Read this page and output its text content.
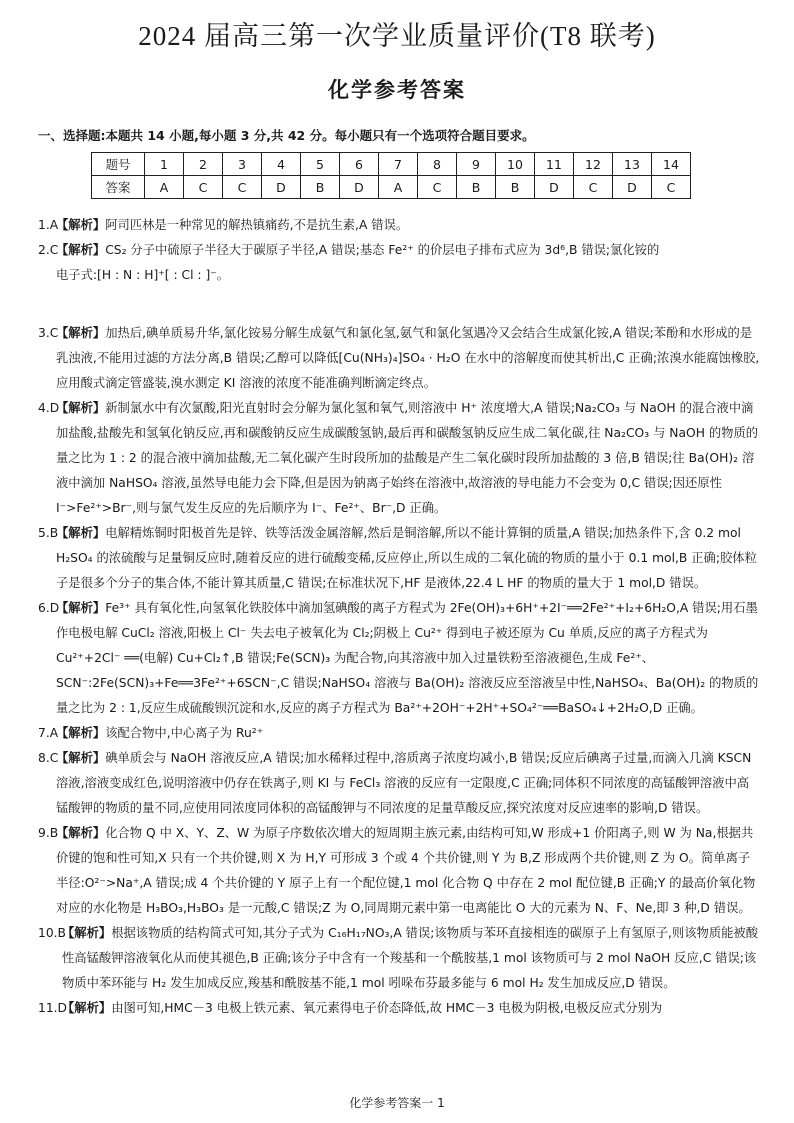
2024 届高三第一次学业质量评价(T8 联考)
化学参考答案
一、选择题:本题共 14 小题,每小题 3 分,共 42 分。每小题只有一个选项符合题目要求。
题号	1	2	3	4	5	6	7	8	9	10	11	12	13	14
答案	A	C	C	D	B	D	A	C	B	B	D	C	D	C
1.A
【解析】阿司匹林是一种常见的解热镇痛药,不是抗生素,A 错误。
2.C
【解析】CS₂ 分子中硫原子半径大于碳原子半径,A 错误;基态 Fe²⁺ 的价层电子排布式应为 3d⁶,B 错误;氯化铵的
电子式:[H : N : H]⁺[ : Cl : ]⁻。
3.C
【解析】加热后,碘单质易升华,氯化铵易分解生成氨气和氯化氢,氨气和氯化氢遇冷又会结合生成氯化铵,A 错误;苯酚和水形成的是乳浊液,不能用过滤的方法分离,B 错误;乙醇可以降低[Cu(NH₃)₄]SO₄ · H₂O 在水中的溶解度而使其析出,C 正确;浓溴水能腐蚀橡胶,应用酸式滴定管盛装,溴水测定 KI 溶液的浓度不能准确判断滴定终点。
4.D
【解析】新制氯水中有次氯酸,阳光直射时会分解为氯化氢和氧气,则溶液中 H⁺ 浓度增大,A 错误;Na₂CO₃ 与 NaOH 的混合液中滴加盐酸,盐酸先和氢氧化钠反应,再和碳酸钠反应生成碳酸氢钠,最后再和碳酸氢钠反应生成二氧化碳,往 Na₂CO₃ 与 NaOH 的物质的量之比为 1 : 2 的混合液中滴加盐酸,无二氧化碳产生时段所加的盐酸是产生二氧化碳时段所加盐酸的 3 倍,B 错误;往 Ba(OH)₂ 溶液中滴加 NaHSO₄ 溶液,虽然导电能力会下降,但是因为钠离子始终在溶液中,故溶液的导电能力不会变为 0,C 错误;因还原性 I⁻>Fe²⁺>Br⁻,则与氯气发生反应的先后顺序为 I⁻、Fe²⁺、Br⁻,D 正确。
5.B
【解析】电解精炼铜时阳极首先是锌、铁等活泼金属溶解,然后是铜溶解,所以不能计算铜的质量,A 错误;加热条件下,含 0.2 mol H₂SO₄ 的浓硫酸与足量铜反应时,随着反应的进行硫酸变稀,反应停止,所以生成的二氧化硫的物质的量小于 0.1 mol,B 正确;胶体粒子是很多个分子的集合体,不能计算其质量,C 错误;在标准状况下,HF 是液体,22.4 L HF 的物质的量大于 1 mol,D 错误。
6.D
【解析】Fe³⁺ 具有氧化性,向氢氧化铁胶体中滴加氢碘酸的离子方程式为 2Fe(OH)₃+6H⁺+2I⁻══2Fe²⁺+I₂+6H₂O,A 错误;用石墨作电极电解 CuCl₂ 溶液,阳极上 Cl⁻ 失去电子被氧化为 Cl₂;阴极上 Cu²⁺ 得到电子被还原为 Cu 单质,反应的离子方程式为 Cu²⁺+2Cl⁻ ══(电解) Cu+Cl₂↑,B 错误;Fe(SCN)₃ 为配合物,向其溶液中加入过量铁粉至溶液褪色,生成 Fe²⁺、SCN⁻:2Fe(SCN)₃+Fe══3Fe²⁺+6SCN⁻,C 错误;NaHSO₄ 溶液与 Ba(OH)₂ 溶液反应至溶液呈中性,NaHSO₄、Ba(OH)₂ 的物质的量之比为 2 : 1,反应生成硫酸钡沉淀和水,反应的离子方程式为 Ba²⁺+2OH⁻+2H⁺+SO₄²⁻══BaSO₄↓+2H₂O,D 正确。
7.A
【解析】该配合物中,中心离子为 Ru²⁺
8.C
【解析】碘单质会与 NaOH 溶液反应,A 错误;加水稀释过程中,溶质离子浓度均减小,B 错误;反应后碘离子过量,而滴入几滴 KSCN 溶液,溶液变成红色,说明溶液中仍存在铁离子,则 KI 与 FeCl₃ 溶液的反应有一定限度,C 正确;同体积不同浓度的高锰酸钾溶液中高锰酸钾的物质的量不同,应使用同浓度同体积的高锰酸钾与不同浓度的足量草酸反应,探究浓度对反应速率的影响,D 错误。
9.B
【解析】化合物 Q 中 X、Y、Z、W 为原子序数依次增大的短周期主族元素,由结构可知,W 形成+1 价阳离子,则 W 为 Na,根据共价键的饱和性可知,X 只有一个共价键,则 X 为 H,Y 可形成 3 个或 4 个共价键,则 Y 为 B,Z 形成两个共价键,则 Z 为 O。简单离子半径:O²⁻>Na⁺,A 错误;成 4 个共价键的 Y 原子上有一个配位键,1 mol 化合物 Q 中存在 2 mol 配位键,B 正确;Y 的最高价氧化物对应的水化物是 H₃BO₃,H₃BO₃ 是一元酸,C 错误;Z 为 O,同周期元素中第一电离能比 O 大的元素为 N、F、Ne,即 3 种,D 错误。
10.B
【解析】根据该物质的结构简式可知,其分子式为 C₁₆H₁₇NO₃,A 错误;该物质与苯环直接相连的碳原子上有氢原子,则该物质能被酸性高锰酸钾溶液氧化从而使其褪色,B 正确;该分子中含有一个羧基和一个酰胺基,1 mol 该物质可与 2 mol NaOH 反应,C 错误;该物质中苯环能与 H₂ 发生加成反应,羧基和酰胺基不能,1 mol 吲哚布芬最多能与 6 mol H₂ 发生加成反应,D 错误。
11.D
【解析】由图可知,HMC－3 电极上铁元素、氧元素得电子价态降低,故 HMC－3 电极为阴极,电极反应式分别为
化学参考答案一 1
